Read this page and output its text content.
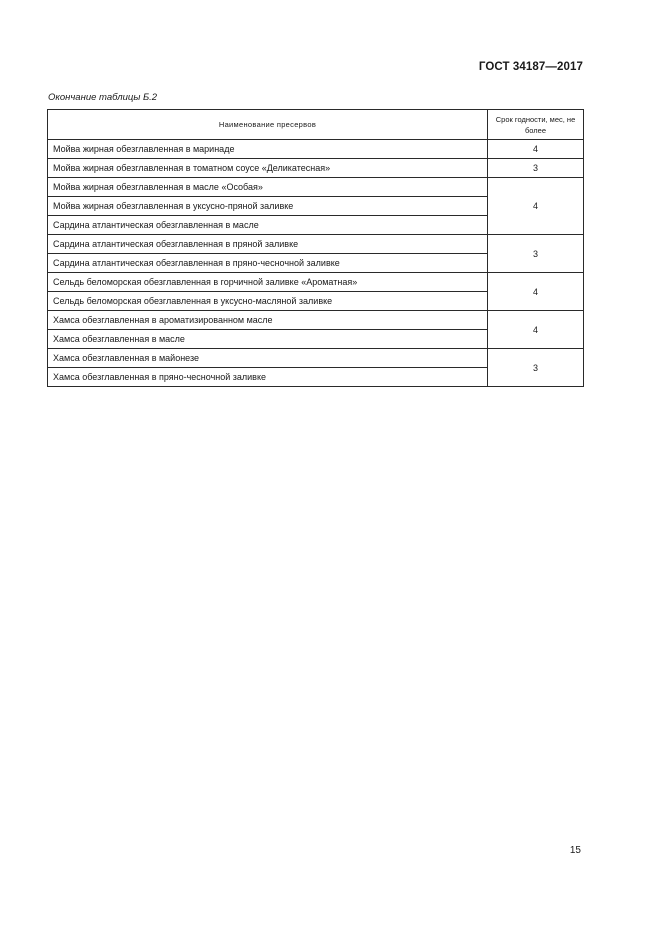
ГОСТ 34187—2017
Окончание таблицы Б.2
Наименование пресервов	Срок годности, мес, не более
Мойва жирная обезглавленная в маринаде	4
Мойва жирная обезглавленная в томатном соусе «Деликатесная»	3
Мойва жирная обезглавленная в масле «Особая»	4
Мойва жирная обезглавленная в уксусно-пряной заливке	
Сардина атлантическая обезглавленная в масле	
Сардина атлантическая обезглавленная в пряной заливке	3
Сардина атлантическая обезглавленная в пряно-чесночной заливке	
Сельдь беломорская обезглавленная в горчичной заливке «Ароматная»	4
Сельдь беломорская обезглавленная в уксусно-масляной заливке	
Хамса обезглавленная в ароматизированном масле	4
Хамса обезглавленная в масле	
Хамса обезглавленная в майонезе	3
Хамса обезглавленная в пряно-чесночной заливке	
15
